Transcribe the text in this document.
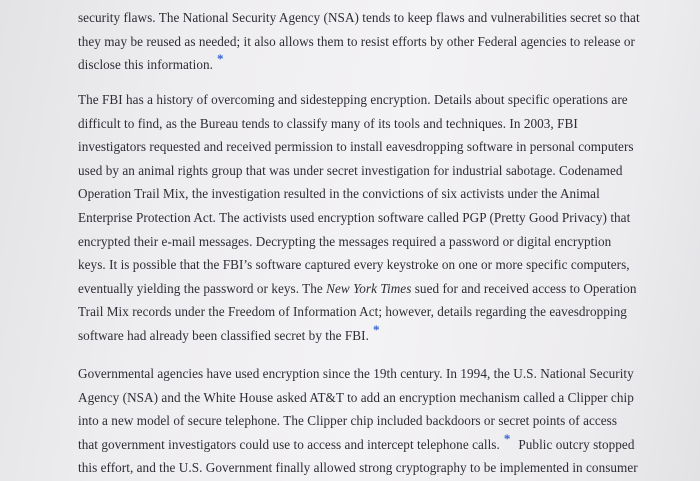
security flaws. The National Security Agency (NSA) tends to keep flaws and vulnerabilities secret so that
they may be reused as needed; it also allows them to resist efforts by other Federal agencies to release or
disclose this information. *
The FBI has a history of overcoming and sidestepping encryption. Details about specific operations are
difficult to find, as the Bureau tends to classify many of its tools and techniques. In 2003, FBI
investigators requested and received permission to install eavesdropping software in personal computers
used by an animal rights group that was under secret investigation for industrial sabotage. Codenamed
Operation Trail Mix, the investigation resulted in the convictions of six activists under the Animal
Enterprise Protection Act. The activists used encryption software called PGP (Pretty Good Privacy) that
encrypted their e-mail messages. Decrypting the messages required a password or digital encryption
keys. It is possible that the FBI’s software captured every keystroke on one or more specific computers,
eventually yielding the password or keys. The New York Times sued for and received access to Operation
Trail Mix records under the Freedom of Information Act; however, details regarding the eavesdropping
software had already been classified secret by the FBI. *
Governmental agencies have used encryption since the 19th century. In 1994, the U.S. National Security
Agency (NSA) and the White House asked AT&T to add an encryption mechanism called a Clipper chip
into a new model of secure telephone. The Clipper chip included backdoors or secret points of access
that government investigators could use to access and intercept telephone calls. * Public outcry stopped
this effort, and the U.S. Government finally allowed strong cryptography to be implemented in consumer
